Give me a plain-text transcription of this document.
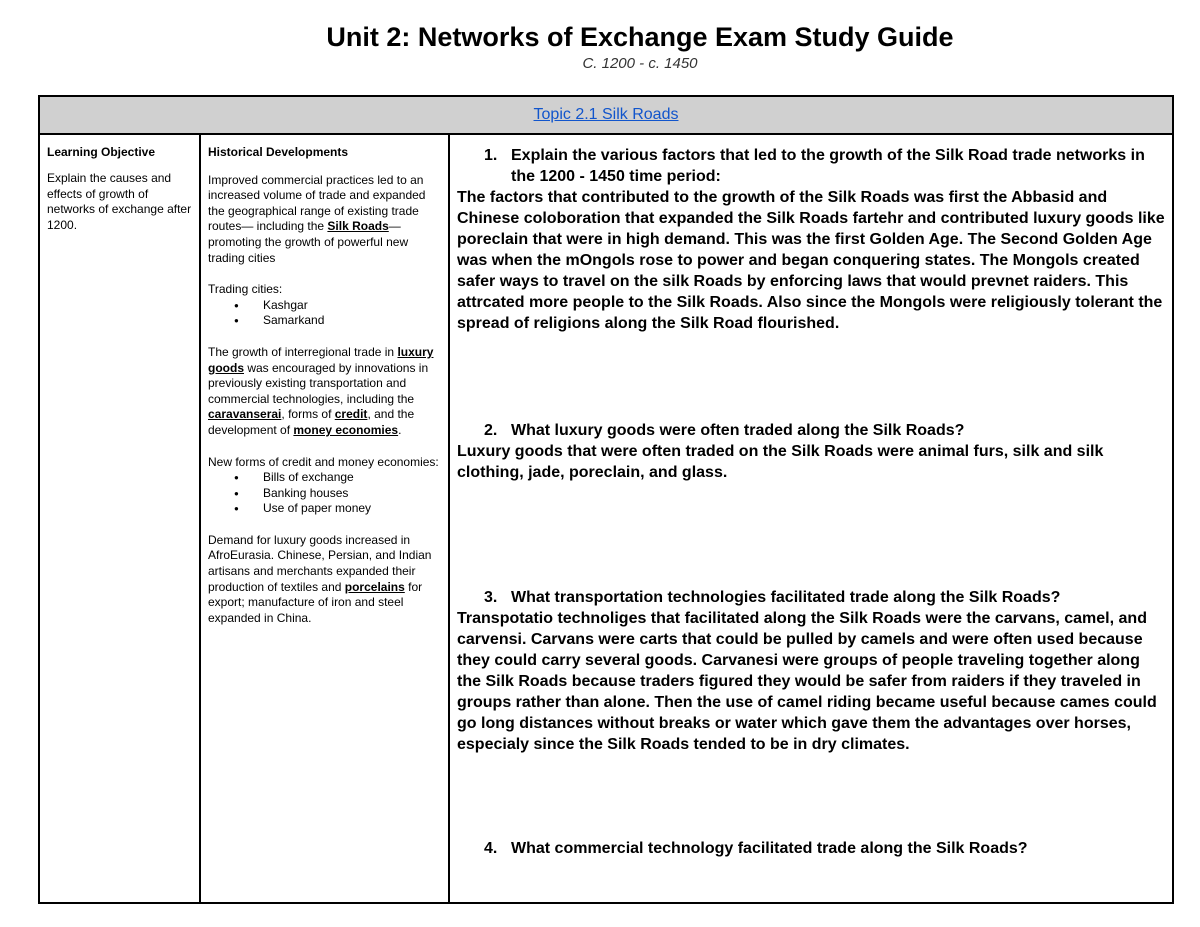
Unit 2: Networks of Exchange Exam Study Guide
C. 1200 - c. 1450
Topic 2.1 Silk Roads
Learning Objective
Explain the causes and effects of growth of networks of exchange after 1200.
Historical Developments

Improved commercial practices led to an increased volume of trade and expanded the geographical range of existing trade routes— including the Silk Roads—promoting the growth of powerful new trading cities

Trading cities:

● Kashgar
● Samarkand

The growth of interregional trade in luxury goods was encouraged by innovations in previously existing transportation and commercial technologies, including the caravanserai, forms of credit, and the development of money economies.

New forms of credit and money economies:

● Bills of exchange
● Banking houses
● Use of paper money

Demand for luxury goods increased in AfroEurasia. Chinese, Persian, and Indian artisans and merchants expanded their production of textiles and porcelains for export; manufacture of iron and steel expanded in China.

1. Explain the various factors that led to the growth of the Silk Road trade networks in the 1200 - 1450 time period:
The factors that contributed to the growth of the Silk Roads was first the Abbasid and Chinese coloboration that expanded the Silk Roads fartehr and contributed luxury goods like poreclain that were in high demand. This was the first Golden Age. The Second Golden Age was when the mOngols rose to power and began conquering states. The Mongols created safer ways to travel on the silk Roads by enforcing laws that would prevnet raiders. This attrcated more people to the Silk Roads. Also since the Mongols were religiously tolerant the spread of religions along the Silk Road flourished.
2. What luxury goods were often traded along the Silk Roads?
Luxury goods that were often traded on the Silk Roads were animal furs, silk and silk clothing, jade, poreclain, and glass.
3. What transportation technologies facilitated trade along the Silk Roads?
Transpotatio technoliges that facilitated along the Silk Roads were the carvans, camel, and carvensi. Carvans were carts that could be pulled by camels and were often used because they could carry several goods. Carvanesi were groups of people traveling together along the Silk Roads because traders figured they would be safer from raiders if they traveled in groups rather than alone. Then the use of camel riding became useful because cames could go long distances without breaks or water which gave them the advantages over horses, especialy since the Silk Roads tended to be in dry climates.
4. What commercial technology facilitated trade along the Silk Roads?
